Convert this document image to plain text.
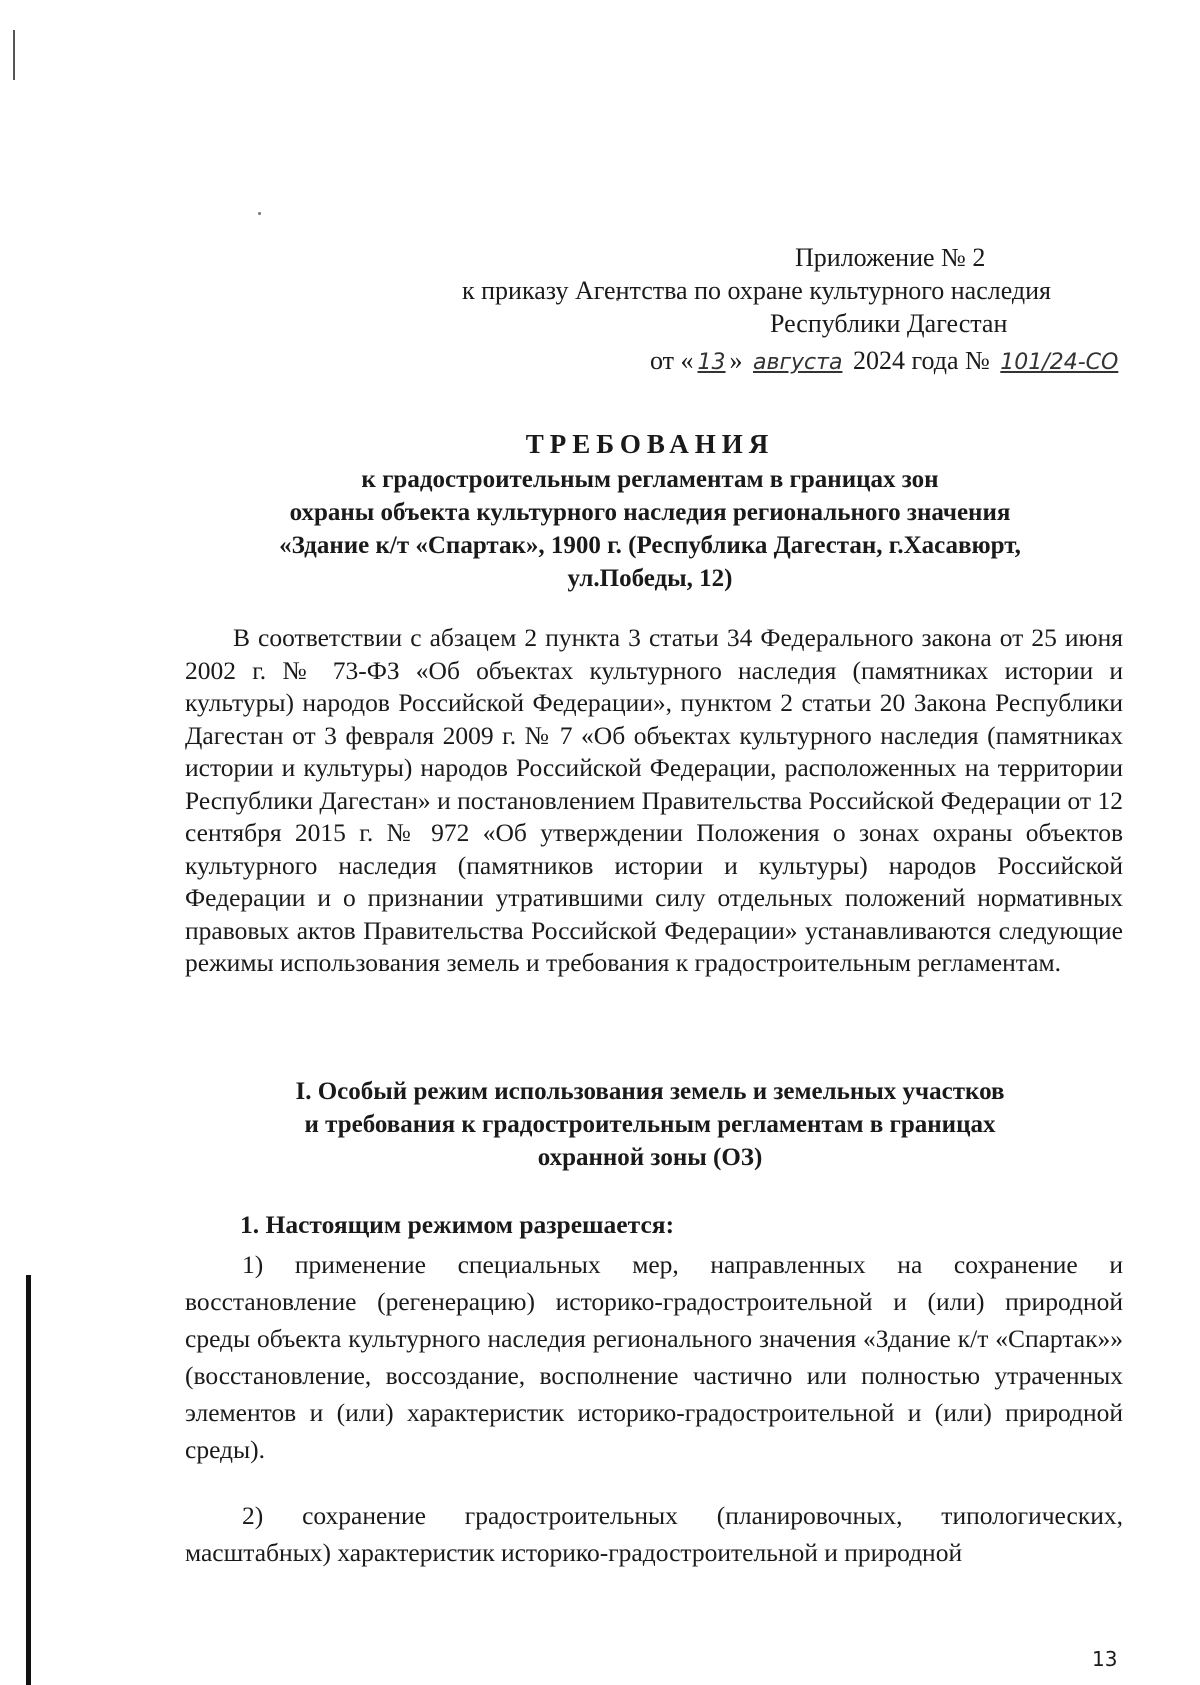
Приложение № 2
к приказу Агентства по охране культурного наследия
Республики Дагестан
от « 13 » августа 2024 года № 101/24-СО
ТРЕБОВАНИЯ
к градостроительным регламентам в границах зон
охраны объекта культурного наследия регионального значения
«Здание к/т «Спартак», 1900 г. (Республика Дагестан, г.Хасавюрт,
ул.Победы, 12)
В соответствии с абзацем 2 пункта 3 статьи 34 Федерального закона от 25 июня 2002 г. № 73-ФЗ «Об объектах культурного наследия (памятниках истории и культуры) народов Российской Федерации», пунктом 2 статьи 20 Закона Республики Дагестан от 3 февраля 2009 г. № 7 «Об объектах культурного наследия (памятниках истории и культуры) народов Российской Федерации, расположенных на территории Республики Дагестан» и постановлением Правительства Российской Федерации от 12 сентября 2015 г. № 972 «Об утверждении Положения о зонах охраны объектов культурного наследия (памятников истории и культуры) народов Российской Федерации и о признании утратившими силу отдельных положений нормативных правовых актов Правительства Российской Федерации» устанавливаются следующие режимы использования земель и требования к градостроительным регламентам.
I. Особый режим использования земель и земельных участков
и требования к градостроительным регламентам в границах
охранной зоны (ОЗ)
1. Настоящим режимом разрешается:
1) применение специальных мер, направленных на сохранение и восстановление (регенерацию) историко-градостроительной и (или) природной среды объекта культурного наследия регионального значения «Здание к/т «Спартак»» (восстановление, воссоздание, восполнение частично или полностью утраченных элементов и (или) характеристик историко-градостроительной и (или) природной среды).
2) сохранение градостроительных (планировочных, типологических, масштабных) характеристик историко-градостроительной и природной
13
